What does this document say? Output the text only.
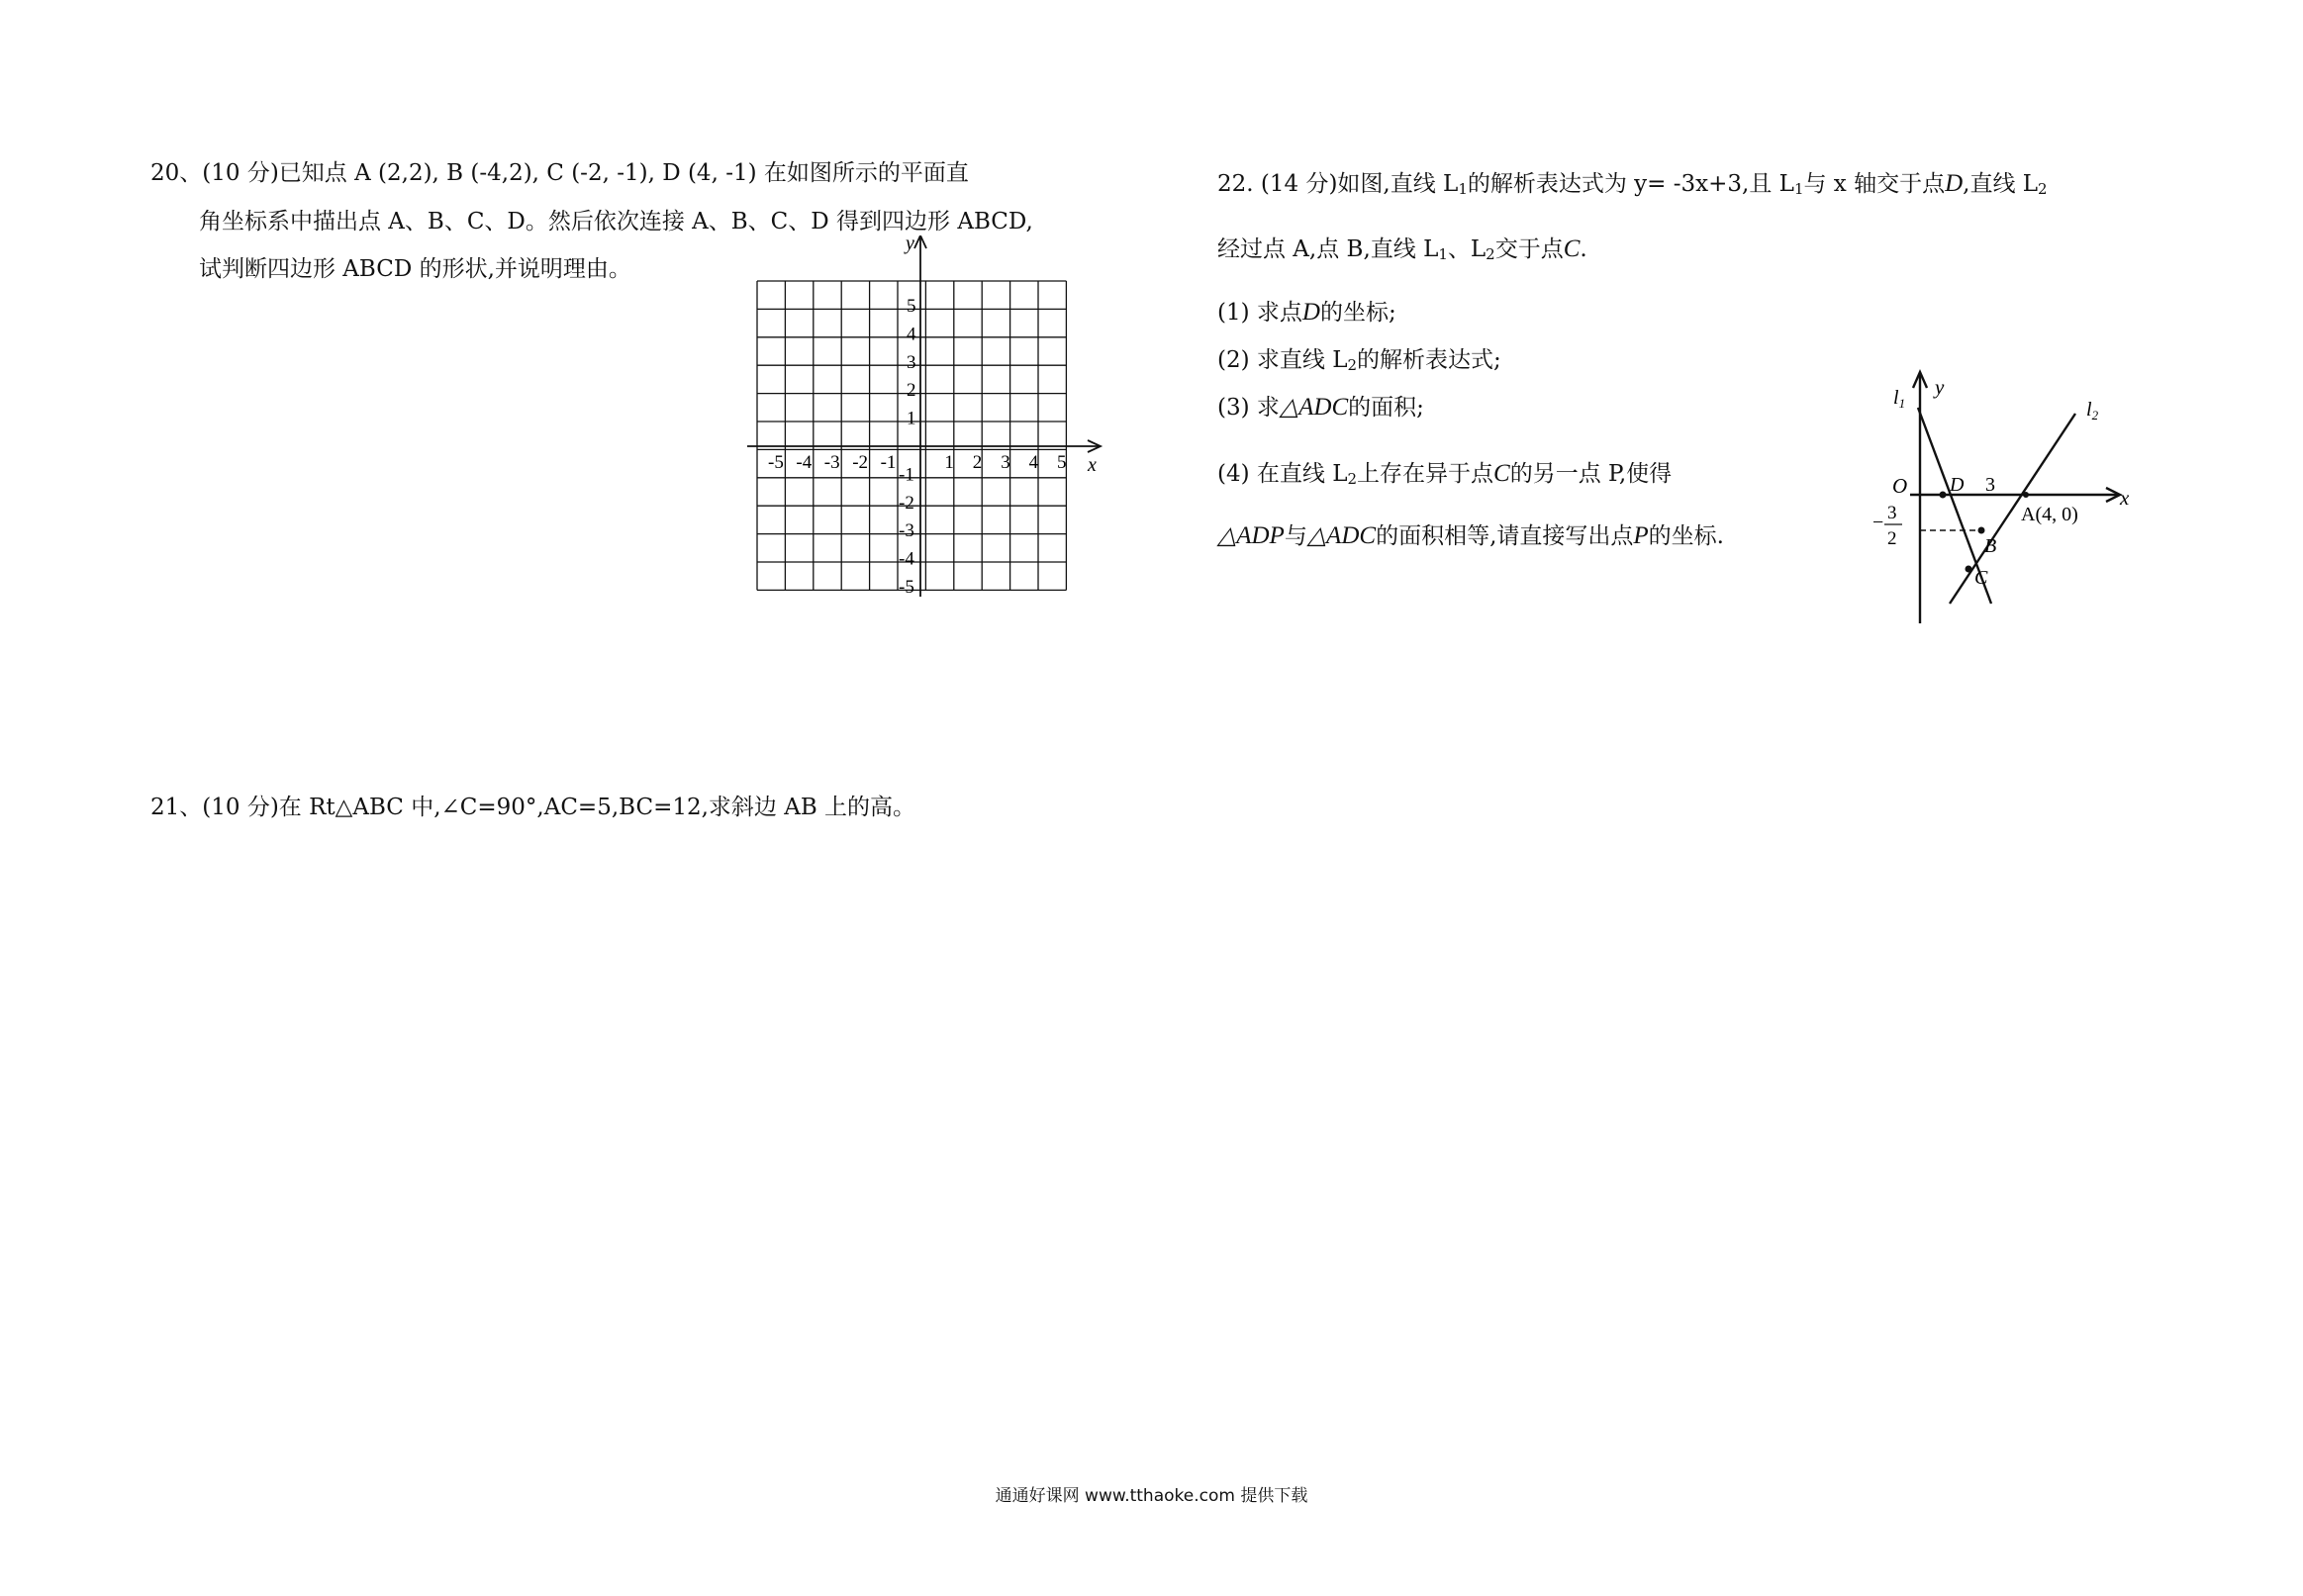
20、(10 分)已知点 A (2,2), B (-4,2), C (-2, -1), D (4, -1) 在如图所示的平面直
角坐标系中描出点 A、B、C、D。然后依次连接 A、B、C、D 得到四边形 ABCD,
试判断四边形 ABCD 的形状,并说明理由。
x
y
-5 -4 -3 -2 -1	1 2 3 4 5
5
4
3
2
1
-1
-2
-3
-4
-5
21、(10 分)在 Rt△ABC 中,∠C=90°,AC=5,BC=12,求斜边 AB 上的高。
22. (14 分)如图,直线 $L_1$的解析表达式为 y= -3x+3,且 $L_1$与 x 轴交于点D,直线 $L_2$
经过点 A,点 B,直线 $L_1$、$L_2$交于点C.
(1) 求点D的坐标;
(2) 求直线 $L_2$的解析表达式;
(3) 求△ADC的面积;
(4) 在直线 $L_2$上存在异于点C的另一点 P,使得
△ADP与△ADC的面积相等,请直接写出点P的坐标.
$l_1$	$l_2$
y
x
O D 3
A(4, 0)
B
C
− 3
2
通通好课网 www.tthaoke.com 提供下载
